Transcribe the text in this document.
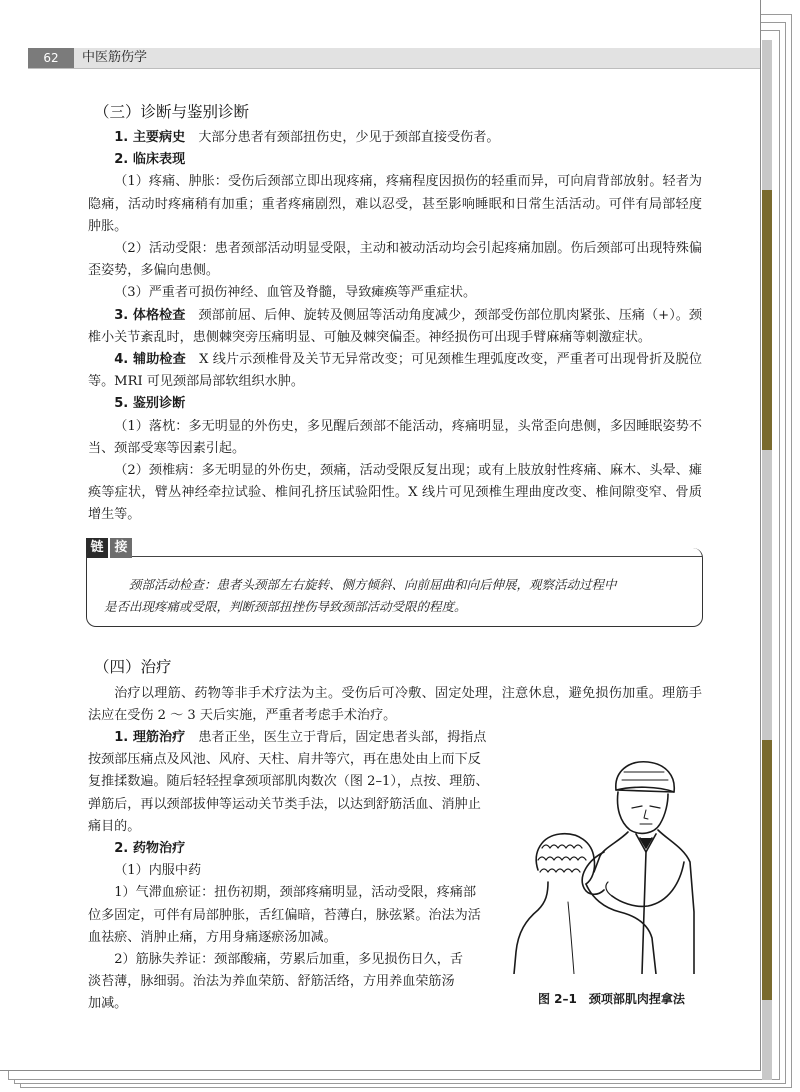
62	中医筋伤学
（三）诊断与鉴别诊断

1. 主要病史　 大部分患者有颈部扭伤史，少见于颈部直接受伤者。

2. 临床表现

（1）疼痛、肿胀：受伤后颈部立即出现疼痛，疼痛程度因损伤的轻重而异，可向肩背部放射。轻者为隐痛，活动时疼痛稍有加重；重者疼痛剧烈，难以忍受，甚至影响睡眠和日常生活活动。可伴有局部轻度肿胀。

（2）活动受限：患者颈部活动明显受限，主动和被动活动均会引起疼痛加剧。伤后颈部可出现特殊偏歪姿势，多偏向患侧。

（3）严重者可损伤神经、血管及脊髓，导致瘫痪等严重症状。

3. 体格检查　 颈部前屈、后伸、旋转及侧屈等活动角度减少，颈部受伤部位肌肉紧张、压痛（+）。颈椎小关节紊乱时，患侧棘突旁压痛明显、可触及棘突偏歪。神经损伤可出现手臂麻痛等刺激症状。

4. 辅助检查　 X 线片示颈椎骨及关节无异常改变；可见颈椎生理弧度改变，严重者可出现骨折及脱位等。MRI 可见颈部局部软组织水肿。

5. 鉴别诊断

（1）落枕：多无明显的外伤史，多见醒后颈部不能活动，疼痛明显，头常歪向患侧，多因睡眠姿势不当、颈部受寒等因素引起。

（2）颈椎病：多无明显的外伤史，颈痛，活动受限反复出现；或有上肢放射性疼痛、麻木、头晕、瘫痪等症状，臂丛神经牵拉试验、椎间孔挤压试验阳性。X 线片可见颈椎生理曲度改变、椎间隙变窄、骨质增生等。

链 接

颈部活动检查：患者头颈部左右旋转、侧方倾斜、向前屈曲和向后伸展，观察活动过程中

是否出现疼痛或受限，判断颈部扭挫伤导致颈部活动受限的程度。

（四）治疗

治疗以理筋、药物等非手术疗法为主。受伤后可冷敷、固定处理，注意休息，避免损伤加重。理筋手法应在受伤 2 ～ 3 天后实施，严重者考虑手术治疗。

　　1. 理筋治疗　 患者正坐，医生立于背后，固定患者头部，拇指点

按颈部压痛点及风池、风府、天柱、肩井等穴，再在患处由上而下反

复推揉数遍。随后轻轻捏拿颈项部肌肉数次（图 2–1），点按、理筋、

弹筋后，再以颈部拔伸等运动关节类手法，以达到舒筋活血、消肿止

痛目的。

2. 药物治疗

（1）内服中药

1）气滞血瘀证：扭伤初期，颈部疼痛明显，活动受限，疼痛部

位多固定，可伴有局部肿胀，舌红偏暗，苔薄白，脉弦紧。治法为活

血祛瘀、消肿止痛，方用身痛逐瘀汤加减。

2）筋脉失养证：颈部酸痛，劳累后加重，多见损伤日久，舌

淡苔薄，脉细弱。治法为养血荣筋、舒筋活络，方用养血荣筋汤

加减。	图 2–1　颈项部肌肉捏拿法
